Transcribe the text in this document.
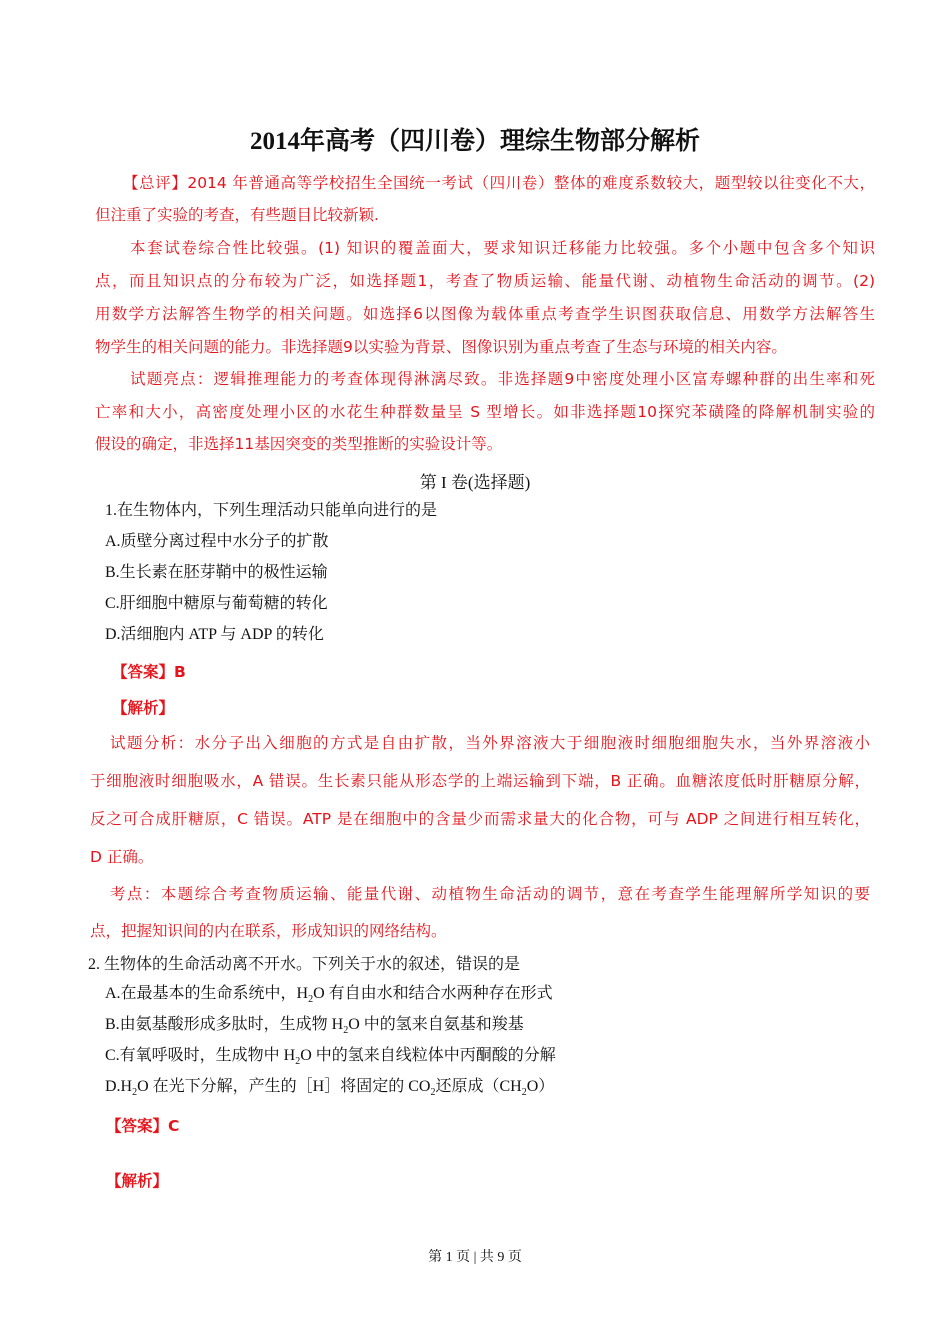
2014年高考（四川卷）理综生物部分解析
【总评】2014 年普通高等学校招生全国统一考试（四川卷）整体的难度系数较大，题型较以往变化不大，
但注重了实验的考查，有些题目比较新颖.
本套试卷综合性比较强。(1) 知识的覆盖面大，要求知识迁移能力比较强。多个小题中包含多个知识
点，而且知识点的分布较为广泛，如选择题1，考查了物质运输、能量代谢、动植物生命活动的调节。(2)
用数学方法解答生物学的相关问题。如选择6以图像为载体重点考查学生识图获取信息、用数学方法解答生
物学生的相关问题的能力。非选择题9以实验为背景、图像识别为重点考查了生态与环境的相关内容。
试题亮点：逻辑推理能力的考查体现得淋漓尽致。非选择题9中密度处理小区富寿螺种群的出生率和死
亡率和大小，高密度处理小区的水花生种群数量呈 S 型增长。如非选择题10探究苯磺隆的降解机制实验的
假设的确定，非选择11基因突变的类型推断的实验设计等。
第 I 卷(选择题)
1.在生物体内，下列生理活动只能单向进行的是
A.质壁分离过程中水分子的扩散
B.生长素在胚芽鞘中的极性运输
C.肝细胞中糖原与葡萄糖的转化
D.活细胞内 ATP 与 ADP 的转化
【答案】B
【解析】
试题分析：水分子出入细胞的方式是自由扩散，当外界溶液大于细胞液时细胞细胞失水，当外界溶液小
于细胞液时细胞吸水，A 错误。生长素只能从形态学的上端运输到下端，B 正确。血糖浓度低时肝糖原分解，
反之可合成肝糖原，C 错误。ATP 是在细胞中的含量少而需求量大的化合物，可与 ADP 之间进行相互转化，
D 正确。
考点：本题综合考查物质运输、能量代谢、动植物生命活动的调节，意在考查学生能理解所学知识的要
点，把握知识间的内在联系，形成知识的网络结构。
2. 生物体的生命活动离不开水。下列关于水的叙述，错误的是
A.在最基本的生命系统中，$H_2O$ 有自由水和结合水两种存在形式
B.由氨基酸形成多肽时，生成物 $H_2O$ 中的氢来自氨基和羧基
C.有氧呼吸时，生成物中 $H_2O$ 中的氢来自线粒体中丙酮酸的分解
$D.H_2O$ 在光下分解，产生的［H］将固定的 $CO_2$还原成$(CH_2O)$
【答案】C
【解析】
第 1 页 | 共 9 页
